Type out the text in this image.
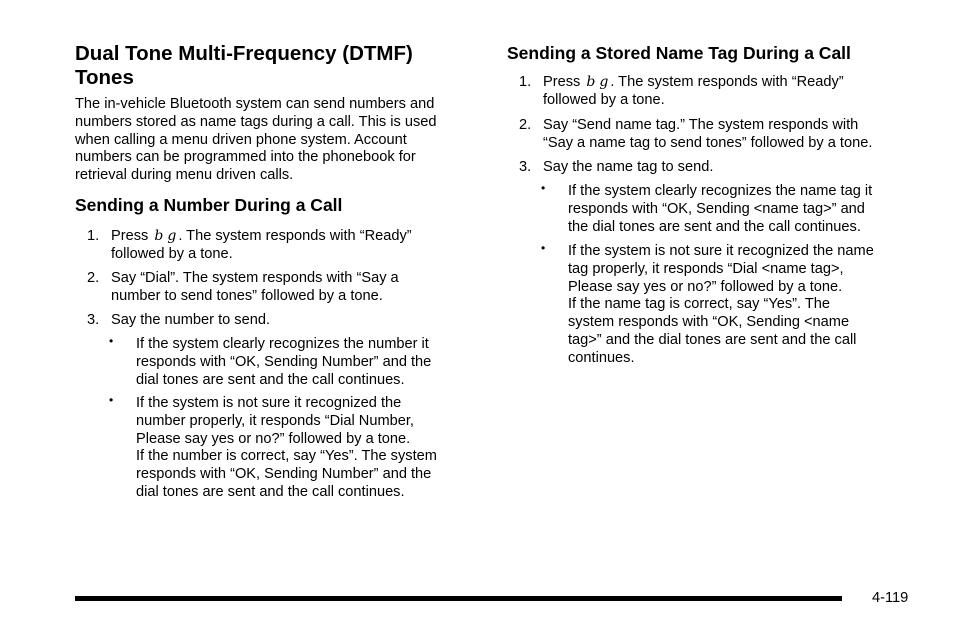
Dual Tone Multi-Frequency (DTMF)
Tones
The in-vehicle Bluetooth system can send numbers and
numbers stored as name tags during a call. This is used
when calling a menu driven phone system. Account
numbers can be programmed into the phonebook for
retrieval during menu driven calls.
Sending a Number During a Call
1. Press b g . The system responds with “Ready”
followed by a tone.
2. Say “Dial”. The system responds with “Say a
number to send tones” followed by a tone.
3. Say the number to send.
• If the system clearly recognizes the number it
responds with “OK, Sending Number” and the
dial tones are sent and the call continues.
• If the system is not sure it recognized the
number properly, it responds “Dial Number,
Please say yes or no?” followed by a tone.
If the number is correct, say “Yes”. The system
responds with “OK, Sending Number” and the
dial tones are sent and the call continues.
Sending a Stored Name Tag During a Call
1. Press b g . The system responds with “Ready”
followed by a tone.
2. Say “Send name tag.” The system responds with
“Say a name tag to send tones” followed by a tone.
3. Say the name tag to send.
• If the system clearly recognizes the name tag it
responds with “OK, Sending <name tag>” and
the dial tones are sent and the call continues.
• If the system is not sure it recognized the name
tag properly, it responds “Dial <name tag>,
Please say yes or no?” followed by a tone.
If the name tag is correct, say “Yes”. The
system responds with “OK, Sending <name
tag>” and the dial tones are sent and the call
continues.
4-119
